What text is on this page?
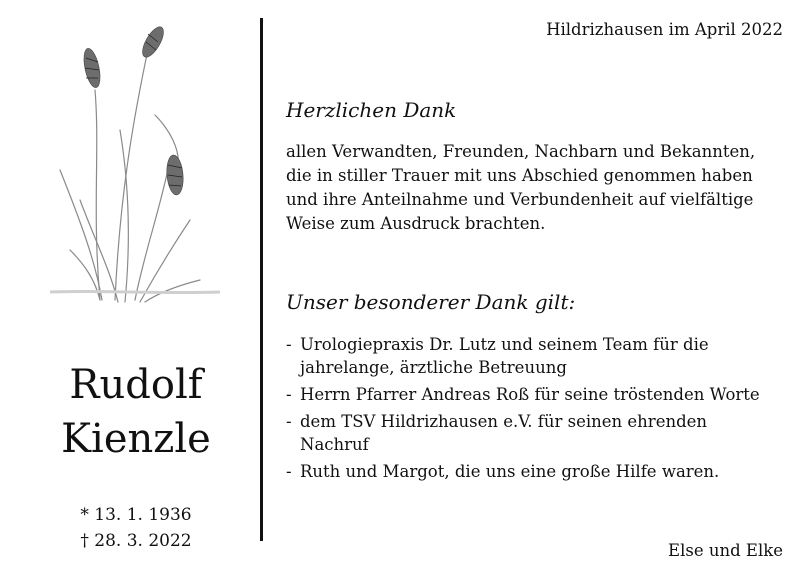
Rudolf
Kienzle
* 13. 1. 1936
† 28. 3. 2022
Hildrizhausen im April 2022
Herzlichen Dank
allen Verwandten, Freunden, Nachbarn und Bekannten,
die in stiller Trauer mit uns Abschied genommen haben
und ihre Anteilnahme und Verbundenheit auf vielfältige
Weise zum Ausdruck brachten.
Unser besonderer Dank gilt:
- Urologiepraxis Dr. Lutz und seinem Team für die
jahrelange, ärztliche Betreuung
- Herrn Pfarrer Andreas Roß für seine tröstenden Worte
- dem TSV Hildrizhausen e.V. für seinen ehrenden
Nachruf
- Ruth und Margot, die uns eine große Hilfe waren.
Else und Elke
